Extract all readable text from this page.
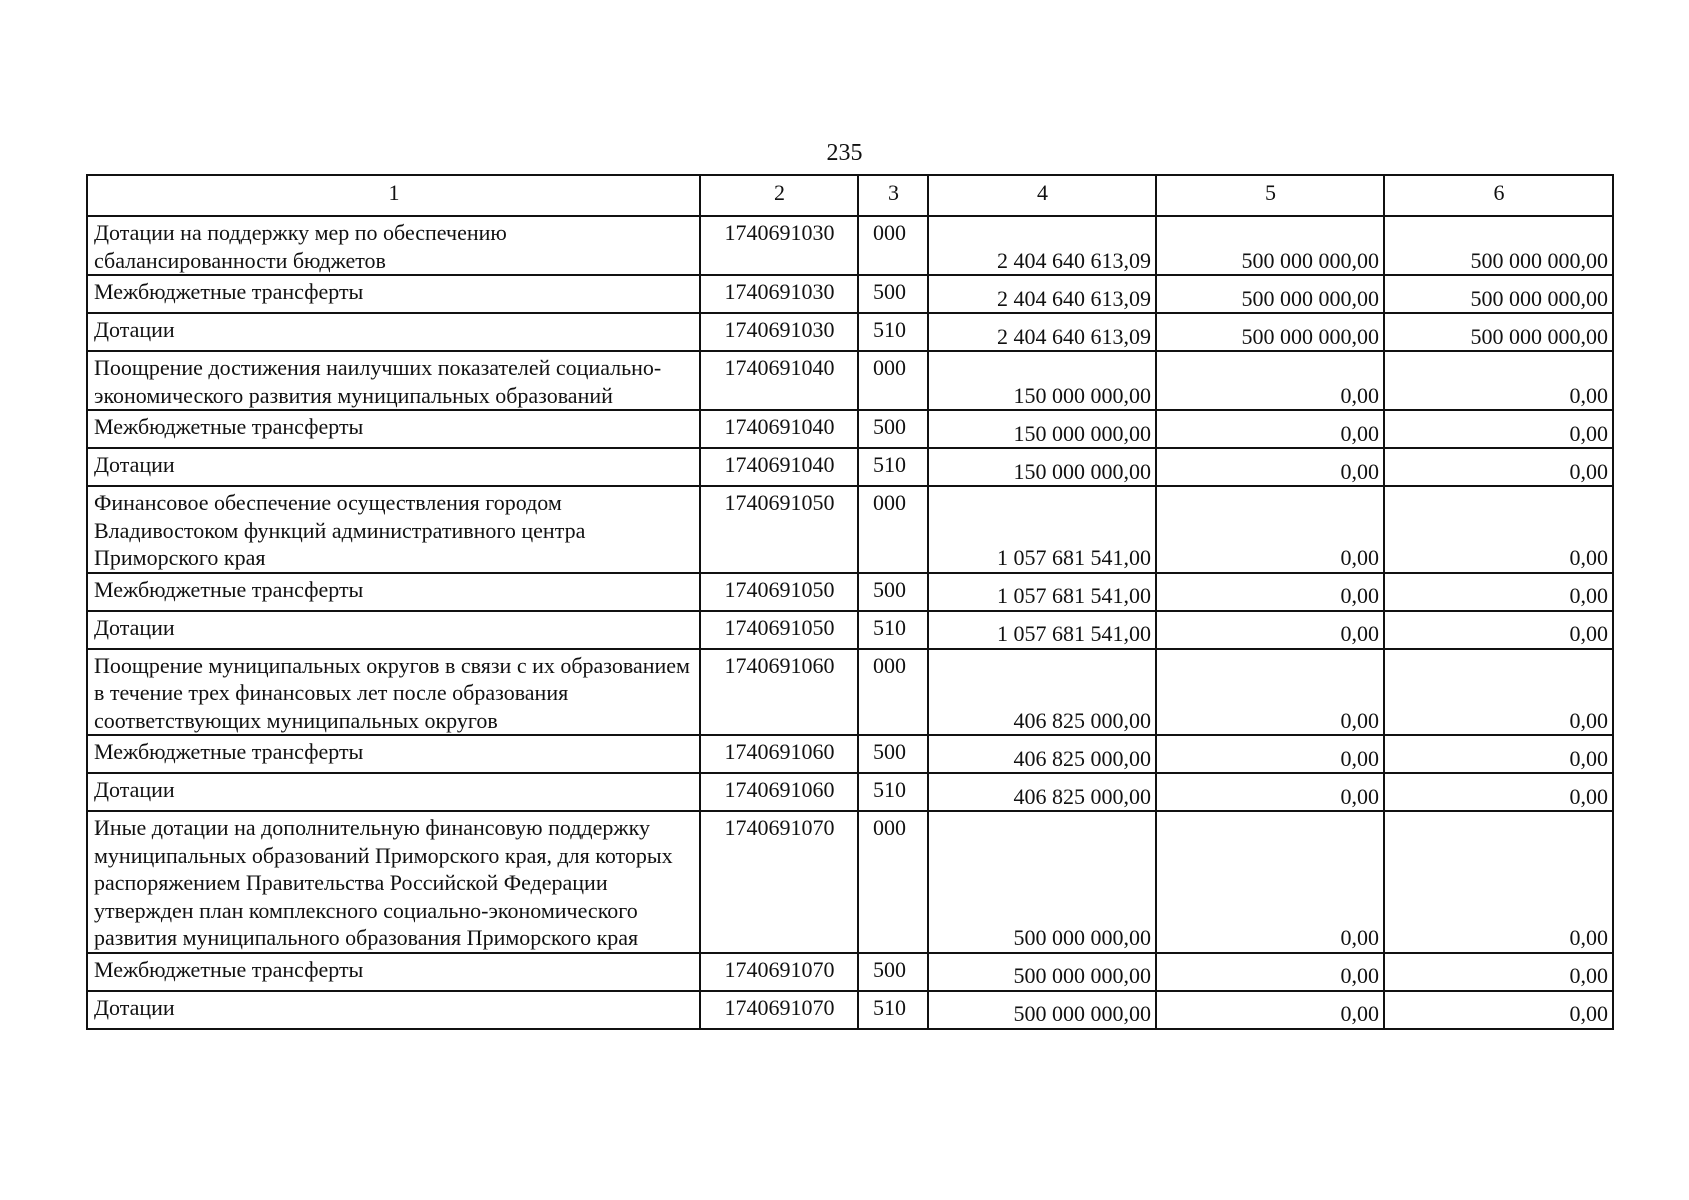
235
1	2	3	4	5	6
Дотации на поддержку мер по обеспечению сбалансированности бюджетов	1740691030	000	2 404 640 613,09	500 000 000,00	500 000 000,00
Межбюджетные трансферты	1740691030	500	2 404 640 613,09	500 000 000,00	500 000 000,00
Дотации	1740691030	510	2 404 640 613,09	500 000 000,00	500 000 000,00
Поощрение достижения наилучших показателей социально-экономического развития муниципальных образований	1740691040	000	150 000 000,00	0,00	0,00
Межбюджетные трансферты	1740691040	500	150 000 000,00	0,00	0,00
Дотации	1740691040	510	150 000 000,00	0,00	0,00
Финансовое обеспечение осуществления городом Владивостоком функций административного центра Приморского края	1740691050	000	1 057 681 541,00	0,00	0,00
Межбюджетные трансферты	1740691050	500	1 057 681 541,00	0,00	0,00
Дотации	1740691050	510	1 057 681 541,00	0,00	0,00
Поощрение муниципальных округов в связи с их образованием в течение трех финансовых лет после образования соответствующих муниципальных округов	1740691060	000	406 825 000,00	0,00	0,00
Межбюджетные трансферты	1740691060	500	406 825 000,00	0,00	0,00
Дотации	1740691060	510	406 825 000,00	0,00	0,00
Иные дотации на дополнительную финансовую поддержку муниципальных образований Приморского края, для которых распоряжением Правительства Российской Федерации утвержден план комплексного социально-экономического развития муниципального образования Приморского края	1740691070	000	500 000 000,00	0,00	0,00
Межбюджетные трансферты	1740691070	500	500 000 000,00	0,00	0,00
Дотации	1740691070	510	500 000 000,00	0,00	0,00
